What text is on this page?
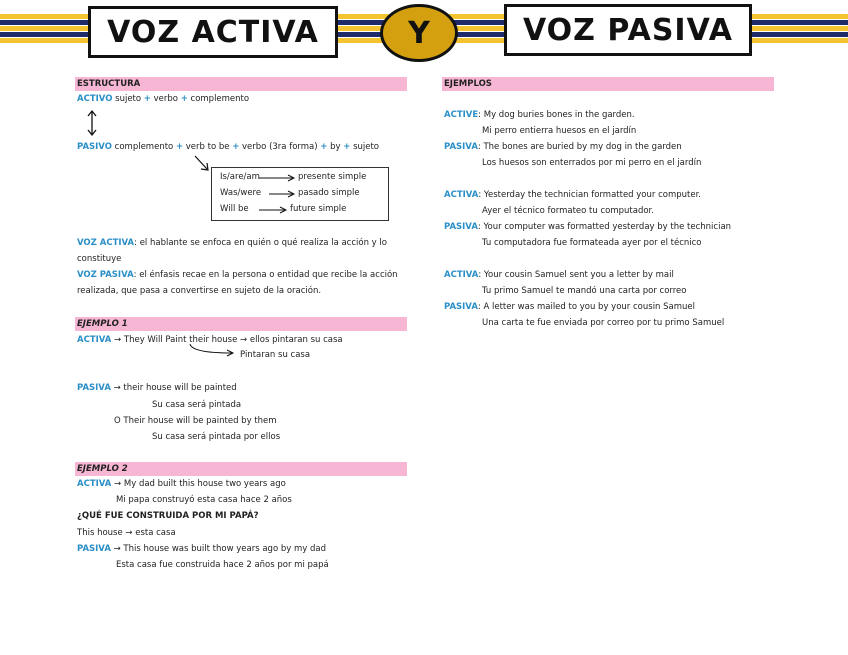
VOZ ACTIVA	Y	VOZ PASIVA
ESTRUCTURA
ACTIVO sujeto + verbo + complemento
PASIVO complemento + verb to be + verbo (3ra forma) + by + sujeto
Is/are/am
Was/were
Will be
presente simple
pasado simple
future simple
VOZ ACTIVA: el hablante se enfoca en quién o qué realiza la acción y lo
constituye
VOZ PASIVA: el énfasis recae en la persona o entidad que recibe la acción
realizada, que pasa a convertirse en sujeto de la oración.
EJEMPLO 1
ACTIVA → They Will Paint their house → ellos pintaran su casa
Pintaran su casa
PASIVA → their house will be painted
Su casa será pintada
O Their house will be painted by them
Su casa será pintada por ellos
EJEMPLO 2
ACTIVA → My dad built this house two years ago
Mi papa construyó esta casa hace 2 años
¿QUÉ FUE CONSTRUIDA POR MI PAPÁ?
This house → esta casa
PASIVA → This house was built thow years ago by my dad
Esta casa fue construida hace 2 años por mi papá
EJEMPLOS
ACTIVE: My dog buries bones in the garden.
Mi perro entierra huesos en el jardín
PASIVA: The bones are buried by my dog in the garden
Los huesos son enterrados por mi perro en el jardín
ACTIVA: Yesterday the technician formatted your computer.
Ayer el técnico formateo tu computador.
PASIVA: Your computer was formatted yesterday by the technician
Tu computadora fue formateada ayer por el técnico
ACTIVA: Your cousin Samuel sent you a letter by mail
Tu primo Samuel te mandó una carta por correo
PASIVA: A letter was mailed to you by your cousin Samuel
Una carta te fue enviada por correo por tu primo Samuel
